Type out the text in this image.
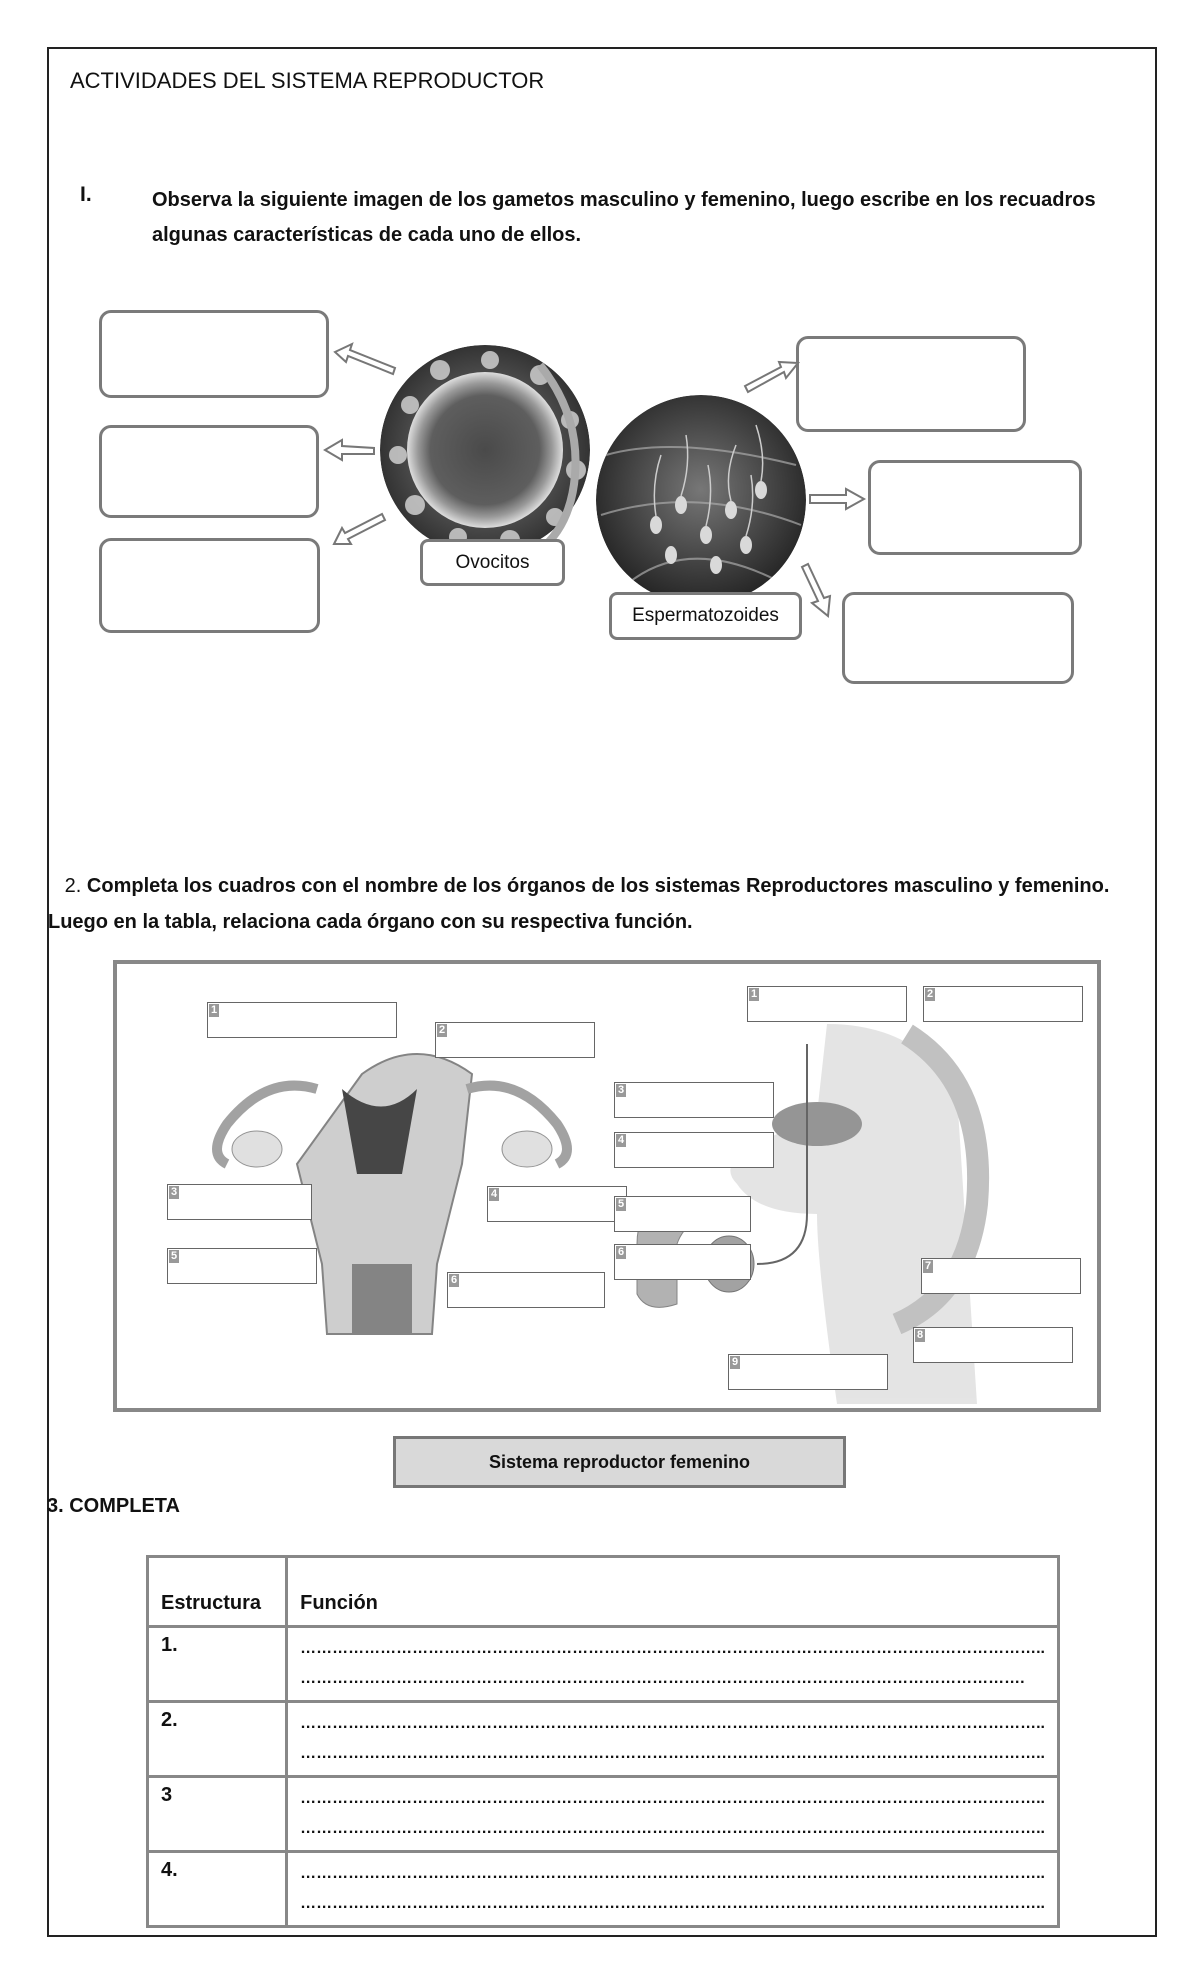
ACTIVIDADES DEL SISTEMA REPRODUCTOR
I.	Observa la siguiente imagen de los gametos masculino y femenino, luego escribe en los recuadros algunas características de cada uno de ellos.
Ovocitos
Espermatozoides
2. Completa los cuadros con el nombre de los órganos de los sistemas Reproductores masculino y femenino. Luego en la tabla, relaciona cada órgano con su respectiva función.
1
2
3	4
5
6
1	2
3
4
5
6
7
8
9
Sistema reproductor femenino
3. COMPLETA
Estructura	Función
1.	…………………………………………………………………………………………………………………………..
……………………………………………………………………………………………………………………….

2.	…………………………………………………………………………………………………………………………..
…………………………………………………………………………………………………………………………..

3	…………………………………………………………………………………………………………………………..
…………………………………………………………………………………………………………………………..

4.	…………………………………………………………………………………………………………………………..
…………………………………………………………………………………………………………………………..
